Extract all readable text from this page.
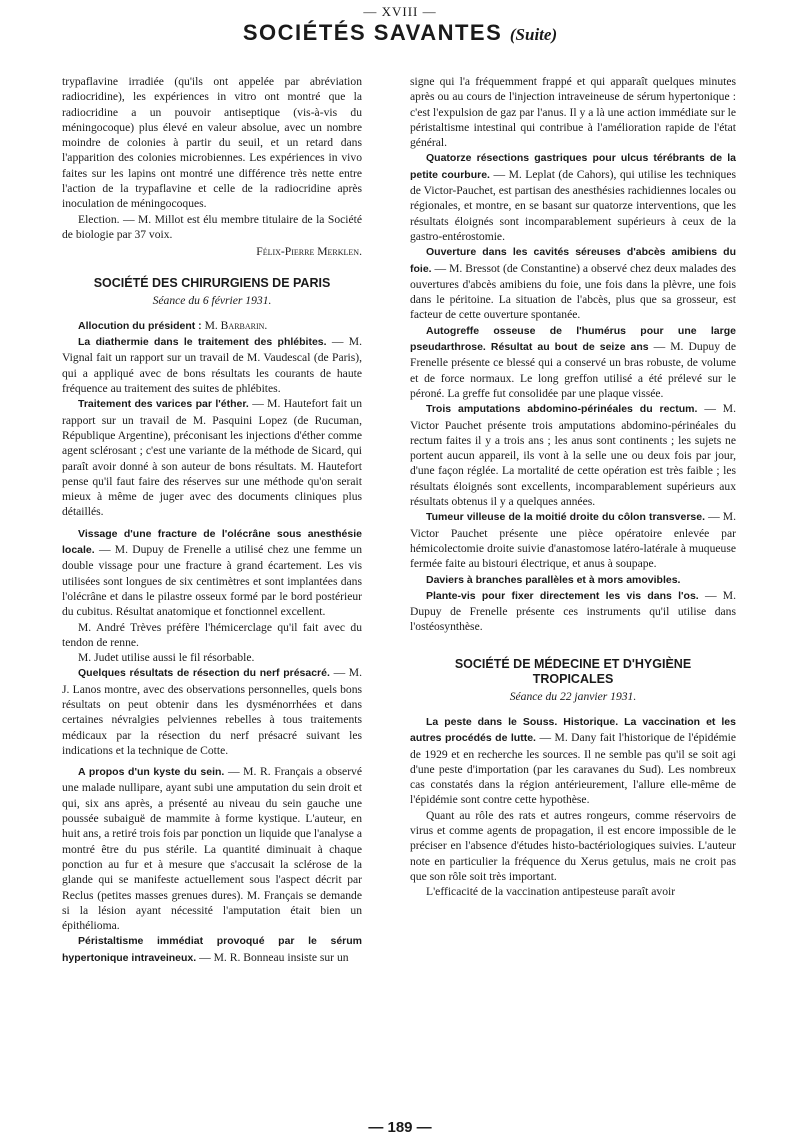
— XVIII —
SOCIÉTÉS SAVANTES (Suite)

trypaflavine irradiée (qu'ils ont appelée par abréviation radiocridine), les expériences in vitro ont montré que la radiocridine a un pouvoir antiseptique (vis-à-vis du méningocoque) plus élevé en valeur absolue, avec un nombre moindre de colonies à partir du seuil, et un retard dans l'apparition des colonies microbiennes. Les expériences in vivo faites sur les lapins ont montré une différence très nette entre l'action de la trypaflavine et celle de la radiocridine après inoculation de méningocoques.

Election. — M. Millot est élu membre titulaire de la Société de biologie par 37 voix.

Félix-Pierre Merklen.

SOCIÉTÉ DES CHIRURGIENS DE PARIS
Séance du 6 février 1931.

Allocution du président : M. Barbarin.

La diathermie dans le traitement des phlébites. — M. Vignal fait un rapport sur un travail de M. Vaudescal (de Paris), qui a appliqué avec de bons résultats les courants de haute fréquence au traitement des suites de phlébites.

Traitement des varices par l'éther. — M. Hautefort fait un rapport sur un travail de M. Pasquini Lopez (de Rucuman, République Argentine), préconisant les injections d'éther comme agent sclérosant ; c'est une variante de la méthode de Sicard, qui paraît avoir donné à son auteur de bons résultats. M. Hautefort pense qu'il faut faire des réserves sur une méthode qu'on serait mieux à même de juger avec des documents cliniques plus détaillés.

Vissage d'une fracture de l'olécrâne sous anesthésie locale. — M. Dupuy de Frenelle a utilisé chez une femme un double vissage pour une fracture à grand écartement. Les vis utilisées sont longues de six centimètres et sont implantées dans l'olécrâne et dans le pilastre osseux formé par le bord postérieur du cubitus. Résultat anatomique et fonctionnel excellent.

M. André Trèves préfère l'hémicerclage qu'il fait avec du tendon de renne.

M. Judet utilise aussi le fil résorbable.

Quelques résultats de résection du nerf présacré. — M. J. Lanos montre, avec des observations personnelles, quels bons résultats on peut obtenir dans les dysménorrhées et dans certaines névralgies pelviennes rebelles à tous traitements médicaux par la résection du nerf présacré suivant les indications et la technique de Cotte.

A propos d'un kyste du sein. — M. R. Français a observé une malade nullipare, ayant subi une amputation du sein droit et qui, six ans après, a présenté au niveau du sein gauche une poussée subaiguë de mammite à forme kystique. L'auteur, en huit ans, a retiré trois fois par ponction un liquide que l'analyse a montré être du pus stérile. La quantité diminuait à chaque ponction au fur et à mesure que s'accusait la sclérose de la glande qui se manifeste actuellement sous l'aspect décrit par Reclus (petites masses grenues dures). M. Français se demande si la lésion ayant nécessité l'amputation était bien un épithélioma.

Péristaltisme immédiat provoqué par le sérum hypertonique intraveineux. — M. R. Bonneau insiste sur un

signe qui l'a fréquemment frappé et qui apparaît quelques minutes après ou au cours de l'injection intraveineuse de sérum hypertonique : c'est l'expulsion de gaz par l'anus. Il y a là une action immédiate sur le péristaltisme intestinal qui contribue à l'amélioration rapide de l'état général.

Quatorze résections gastriques pour ulcus térébrants de la petite courbure. — M. Leplat (de Cahors), qui utilise les techniques de Victor-Pauchet, est partisan des anesthésies rachidiennes locales ou régionales, et montre, en se basant sur quatorze interventions, que les résultats éloignés sont incomparablement supérieurs à ceux de la gastro-entérostomie.

Ouverture dans les cavités séreuses d'abcès amibiens du foie. — M. Bressot (de Constantine) a observé chez deux malades des ouvertures d'abcès amibiens du foie, une fois dans la plèvre, une fois dans le péritoine. La situation de l'abcès, plus que sa grosseur, est facteur de cette ouverture spontanée.

Autogreffe osseuse de l'humérus pour une large pseudarthrose. Résultat au bout de seize ans — M. Dupuy de Frenelle présente ce blessé qui a conservé un bras robuste, de volume et de force normaux. Le long greffon utilisé a été prélevé sur le péroné. La greffe fut consolidée par une plaque vissée.

Trois amputations abdomino-périnéales du rectum. — M. Victor Pauchet présente trois amputations abdomino-périnéales du rectum faites il y a trois ans ; les anus sont continents ; les sujets ne portent aucun appareil, ils vont à la selle une ou deux fois par jour, d'une façon réglée. La mortalité de cette opération est très faible ; les résultats éloignés sont excellents, incomparablement supérieurs aux résultats obtenus il y a quelques années.

Tumeur villeuse de la moitié droite du côlon transverse. — M. Victor Pauchet présente une pièce opératoire enlevée par hémicolectomie droite suivie d'anastomose latéro-latérale à muqueuse fermée faite au bistouri électrique, et anus à soupape.

Daviers à branches parallèles et à mors amovibles.

Plante-vis pour fixer directement les vis dans l'os. — M. Dupuy de Frenelle présente ces instruments qu'il utilise dans l'ostéosynthèse.

SOCIÉTÉ DE MÉDECINE ET D'HYGIÈNE
TROPICALES
Séance du 22 janvier 1931.

La peste dans le Souss. Historique. La vaccination et les autres procédés de lutte. — M. Dany fait l'historique de l'épidémie de 1929 et en recherche les sources. Il ne semble pas qu'il se soit agi d'une peste d'importation (par les caravanes du Sud). Les nombreux cas constatés dans la région antérieurement, l'allure elle-même de l'épidémie sont contre cette hypothèse.

Quant au rôle des rats et autres rongeurs, comme réservoirs de virus et comme agents de propagation, il est encore impossible de le préciser en l'absence d'études histo-bactériologiques suivies. L'auteur note en particulier la fréquence du Xerus getulus, mais ne croit pas que son rôle soit très important.

L'efficacité de la vaccination antipesteuse paraît avoir

— 189 —
